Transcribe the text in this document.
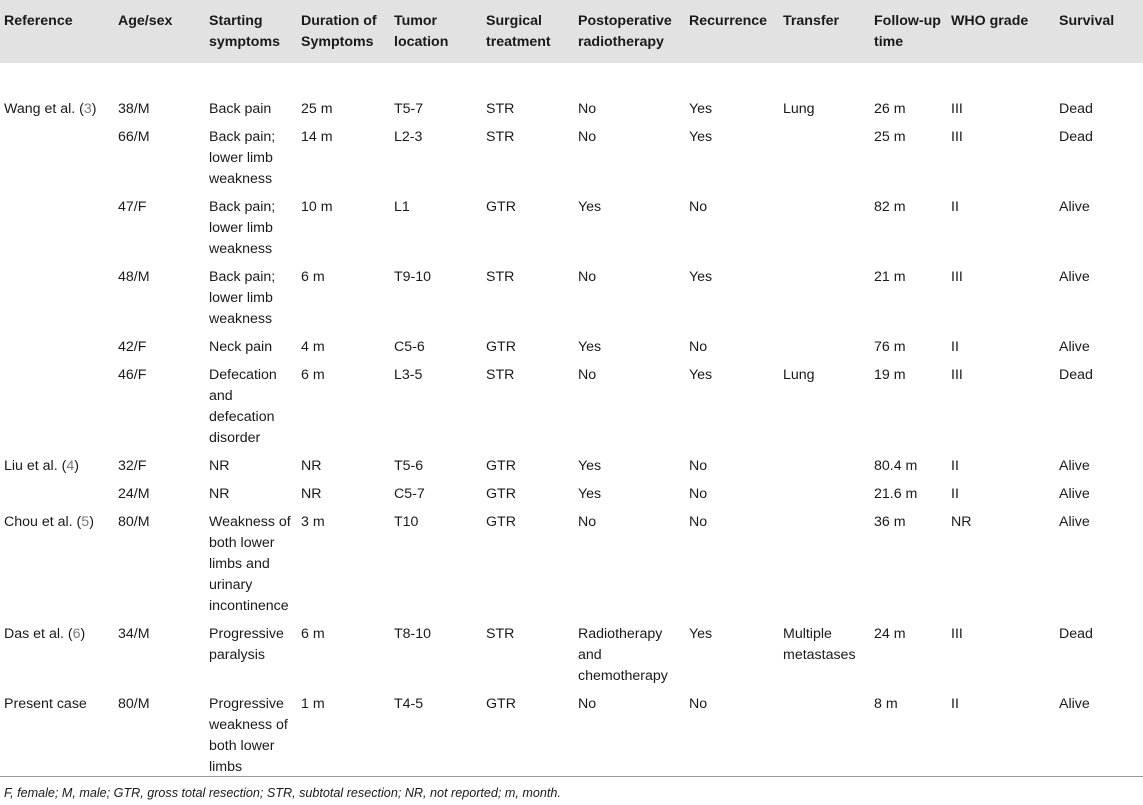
Reference	Age/sex	Starting symptoms	Duration of Symptoms	Tumor location	Surgical treatment	Postoperative radiotherapy	Recurrence	Transfer	Follow-up time	WHO grade	Survival
Wang et al. (3)	38/M	Back pain	25 m	T5-7	STR	No	Yes	Lung	26 m	III	Dead
	66/M	Back pain; lower limb weakness	14 m	L2-3	STR	No	Yes		25 m	III	Dead
	47/F	Back pain; lower limb weakness	10 m	L1	GTR	Yes	No		82 m	II	Alive
	48/M	Back pain; lower limb weakness	6 m	T9-10	STR	No	Yes		21 m	III	Alive
	42/F	Neck pain	4 m	C5-6	GTR	Yes	No		76 m	II	Alive
	46/F	Defecation and defecation disorder	6 m	L3-5	STR	No	Yes	Lung	19 m	III	Dead
Liu et al. (4)	32/F	NR	NR	T5-6	GTR	Yes	No		80.4 m	II	Alive
	24/M	NR	NR	C5-7	GTR	Yes	No		21.6 m	II	Alive
Chou et al. (5)	80/M	Weakness of both lower limbs and urinary incontinence	3 m	T10	GTR	No	No		36 m	NR	Alive
Das et al. (6)	34/M	Progressive paralysis	6 m	T8-10	STR	Radiotherapy and chemotherapy	Yes	Multiple metastases	24 m	III	Dead
Present case	80/M	Progressive weakness of both lower limbs	1 m	T4-5	GTR	No	No		8 m	II	Alive
F, female; M, male; GTR, gross total resection; STR, subtotal resection; NR, not reported; m, month.
